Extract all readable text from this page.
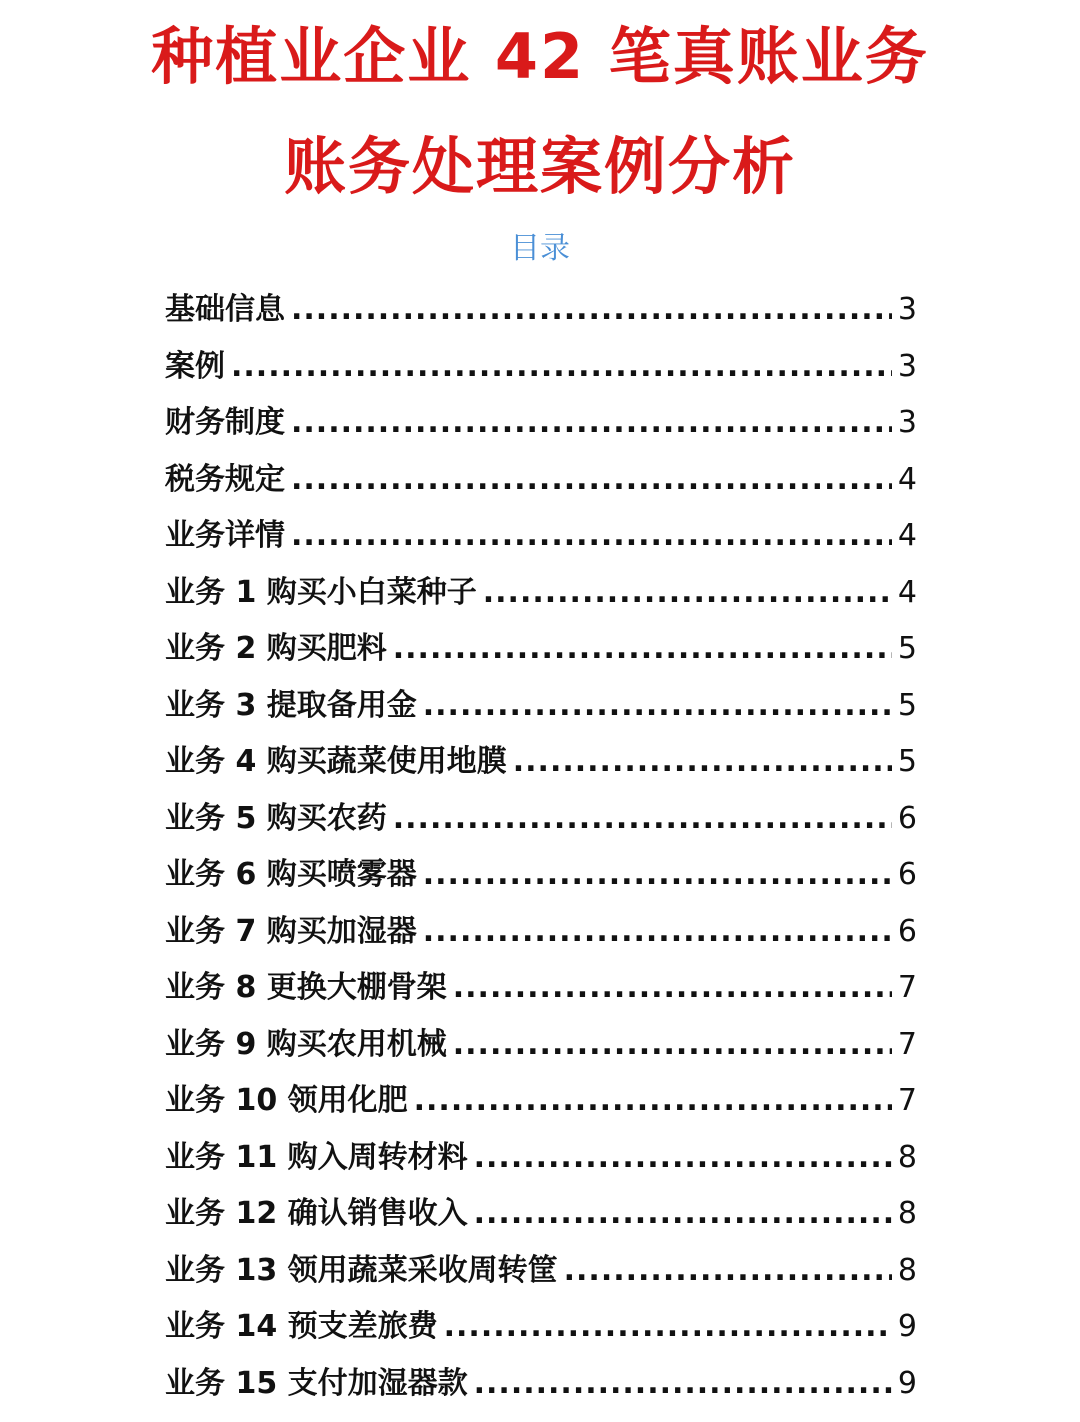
种植业企业 42 笔真账业务
账务处理案例分析
目录
基础信息 .....	3
案例 .....	3
财务制度 .....	3
税务规定 .....	4
业务详情 .....	4
业务 1 购买小白菜种子 .....	4
业务 2 购买肥料 .....	5
业务 3 提取备用金 .....	5
业务 4 购买蔬菜使用地膜 .....	5
业务 5 购买农药 .....	6
业务 6 购买喷雾器 .....	6
业务 7 购买加湿器 .....	6
业务 8 更换大棚骨架 .....	7
业务 9 购买农用机械 .....	7
业务 10 领用化肥 .....	7
业务 11 购入周转材料 .....	8
业务 12 确认销售收入 .....	8
业务 13 领用蔬菜采收周转筐 .....	8
业务 14 预支差旅费 .....	9
业务 15 支付加湿器款 .....	9
